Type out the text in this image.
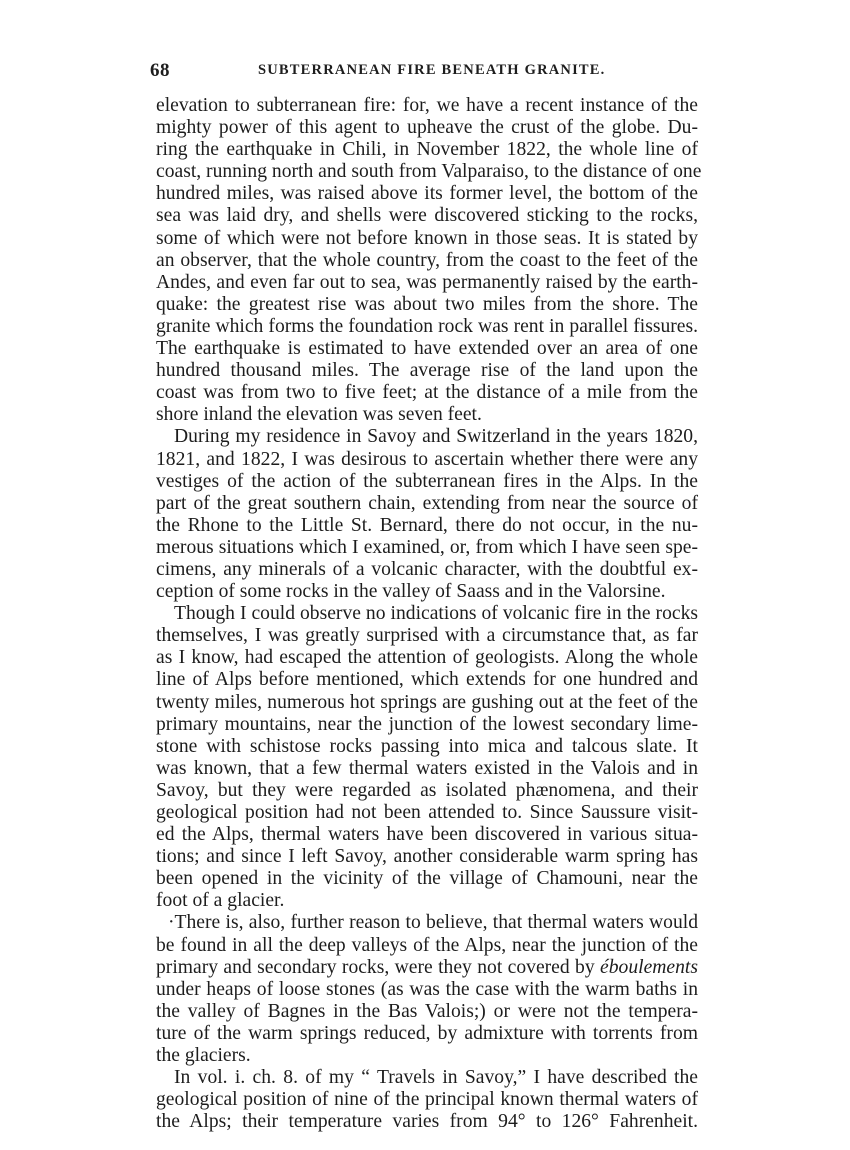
68	SUBTERRANEAN FIRE BENEATH GRANITE.
elevation to subterranean fire: for, we have a recent instance of the
mighty power of this agent to upheave the crust of the globe. Du-
ring the earthquake in Chili, in November 1822, the whole line of
coast, running north and south from Valparaiso, to the distance of one
hundred miles, was raised above its former level, the bottom of the
sea was laid dry, and shells were discovered sticking to the rocks,
some of which were not before known in those seas. It is stated by
an observer, that the whole country, from the coast to the feet of the
Andes, and even far out to sea, was permanently raised by the earth-
quake: the greatest rise was about two miles from the shore. The
granite which forms the foundation rock was rent in parallel fissures.
The earthquake is estimated to have extended over an area of one
hundred thousand miles. The average rise of the land upon the
coast was from two to five feet; at the distance of a mile from the
shore inland the elevation was seven feet.
During my residence in Savoy and Switzerland in the years 1820,
1821, and 1822, I was desirous to ascertain whether there were any
vestiges of the action of the subterranean fires in the Alps. In the
part of the great southern chain, extending from near the source of
the Rhone to the Little St. Bernard, there do not occur, in the nu-
merous situations which I examined, or, from which I have seen spe-
cimens, any minerals of a volcanic character, with the doubtful ex-
ception of some rocks in the valley of Saass and in the Valorsine.
Though I could observe no indications of volcanic fire in the rocks
themselves, I was greatly surprised with a circumstance that, as far
as I know, had escaped the attention of geologists. Along the whole
line of Alps before mentioned, which extends for one hundred and
twenty miles, numerous hot springs are gushing out at the feet of the
primary mountains, near the junction of the lowest secondary lime-
stone with schistose rocks passing into mica and talcous slate. It
was known, that a few thermal waters existed in the Valois and in
Savoy, but they were regarded as isolated phænomena, and their
geological position had not been attended to. Since Saussure visit-
ed the Alps, thermal waters have been discovered in various situa-
tions; and since I left Savoy, another considerable warm spring has
been opened in the vicinity of the village of Chamouni, near the
foot of a glacier.
·There is, also, further reason to believe, that thermal waters would
be found in all the deep valleys of the Alps, near the junction of the
primary and secondary rocks, were they not covered by éboulements
under heaps of loose stones (as was the case with the warm baths in
the valley of Bagnes in the Bas Valois;) or were not the tempera-
ture of the warm springs reduced, by admixture with torrents from
the glaciers.
In vol. i. ch. 8. of my “ Travels in Savoy,” I have described the
geological position of nine of the principal known thermal waters of
the Alps; their temperature varies from 94° to 126° Fahrenheit.
